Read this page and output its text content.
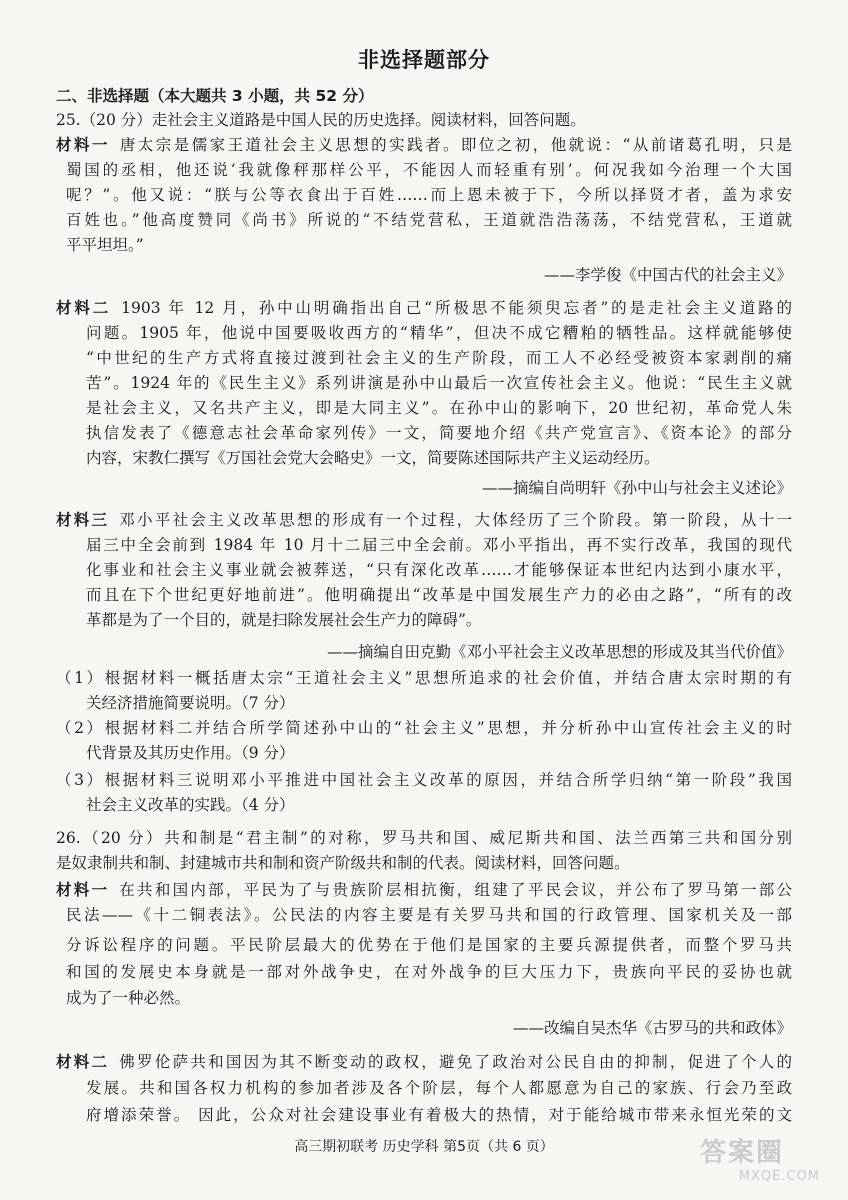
非选择题部分
二、非选择题（本大题共 3 小题，共 52 分）
25.（20 分）走社会主义道路是中国人民的历史选择。阅读材料，回答问题。
材料一 唐太宗是儒家王道社会主义思想的实践者。即位之初，他就说：“从前诸葛孔明，只是
蜀国的丞相，他还说‘我就像秤那样公平，不能因人而轻重有别’。何况我如今治理一个大国
呢？”。他又说：“朕与公等衣食出于百姓……而上恩未被于下，今所以择贤才者，盖为求安
百姓也。”他高度赞同《尚书》所说的“不结党营私，王道就浩浩荡荡，不结党营私，王道就
平平坦坦。”
——李学俊《中国古代的社会主义》
材料二 1903 年 12 月，孙中山明确指出自己“所极思不能须臾忘者”的是走社会主义道路的
问题。1905 年，他说中国要吸收西方的“精华”，但决不成它糟粕的牺牲品。这样就能够使
“中世纪的生产方式将直接过渡到社会主义的生产阶段，而工人不必经受被资本家剥削的痛
苦”。1924 年的《民生主义》系列讲演是孙中山最后一次宣传社会主义。他说：“民生主义就
是社会主义，又名共产主义，即是大同主义”。在孙中山的影响下，20 世纪初，革命党人朱
执信发表了《德意志社会革命家列传》一文，简要地介绍《共产党宣言》、《资本论》的部分
内容，宋教仁撰写《万国社会党大会略史》一文，简要陈述国际共产主义运动经历。
——摘编自尚明轩《孙中山与社会主义述论》
材料三 邓小平社会主义改革思想的形成有一个过程，大体经历了三个阶段。第一阶段，从十一
届三中全会前到 1984 年 10 月十二届三中全会前。邓小平指出，再不实行改革，我国的现代
化事业和社会主义事业就会被葬送，“只有深化改革……才能够保证本世纪内达到小康水平，
而且在下个世纪更好地前进”。他明确提出“改革是中国发展生产力的必由之路”，“所有的改
革都是为了一个目的，就是扫除发展社会生产力的障碍”。
——摘编自田克勤《邓小平社会主义改革思想的形成及其当代价值》
（1）根据材料一概括唐太宗“王道社会主义”思想所追求的社会价值，并结合唐太宗时期的有
关经济措施简要说明。（7 分）
（2）根据材料二并结合所学简述孙中山的“社会主义”思想，并分析孙中山宣传社会主义的时
代背景及其历史作用。（9 分）
（3）根据材料三说明邓小平推进中国社会主义改革的原因，并结合所学归纳“第一阶段”我国
社会主义改革的实践。（4 分）
26.（20 分）共和制是“君主制”的对称，罗马共和国、威尼斯共和国、法兰西第三共和国分别
是奴隶制共和制、封建城市共和制和资产阶级共和制的代表。阅读材料，回答问题。
材料一 在共和国内部，平民为了与贵族阶层相抗衡，组建了平民会议，并公布了罗马第一部公
民法——《十二铜表法》。公民法的内容主要是有关罗马共和国的行政管理、国家机关及一部
分诉讼程序的问题。平民阶层最大的优势在于他们是国家的主要兵源提供者，而整个罗马共
和国的发展史本身就是一部对外战争史，在对外战争的巨大压力下，贵族向平民的妥协也就
成为了一种必然。
——改编自吴杰华《古罗马的共和政体》
材料二 佛罗伦萨共和国因为其不断变动的政权，避免了政治对公民自由的抑制，促进了个人的
发展。共和国各权力机构的参加者涉及各个阶层，每个人都愿意为自己的家族、行会乃至政
府增添荣誉。 因此，公众对社会建设事业有着极大的热情，对于能给城市带来永恒光荣的文
高三期初联考 历史学科 第5页（共 6 页）	答案圈
MXQE.COM
